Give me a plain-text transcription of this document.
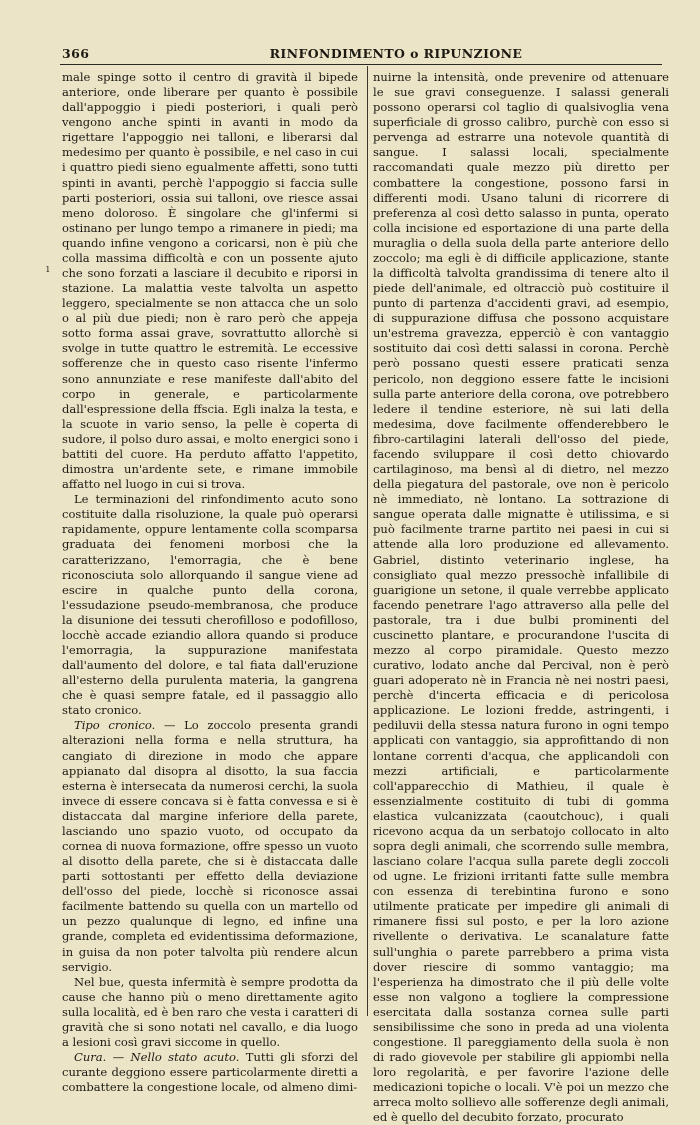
366	RINFONDIMENTO o RIPUNZIONE

male spinge sotto il centro di gravità il bipede anteriore, onde liberare per quanto è possibile dall'appoggio i piedi posteriori, i quali però vengono anche spinti in avanti in modo da rigettare l'appoggio nei talloni, e liberarsi dal medesimo per quanto è possibile, e nel caso in cui i quattro piedi sieno egualmente affetti, sono tutti spinti in avanti, perchè l'appoggio si faccia sulle parti posteriori, ossia sui talloni, ove riesce assai meno doloroso. È singolare che gl'infermi si ostinano per lungo tempo a rimanere in piedi; ma quando infine vengono a coricarsi, non è più che colla massima difficoltà e con un possente ajuto che sono forzati a lasciare il decubito e riporsi in stazione. La malattia veste talvolta un aspetto leggero, specialmente se non attacca che un solo o al più due piedi; non è raro però che appeja sotto forma assai grave, sovrattutto allorchè si svolge in tutte quattro le estremità. Le eccessive sofferenze che in questo caso risente l'infermo sono annunziate e rese manifeste dall'abito del corpo in generale, e particolarmente dall'espressione della ffscia. Egli inalza la testa, e la scuote in vario senso, la pelle è coperta di sudore, il polso duro assai, e molto energici sono i battiti del cuore. Ha perduto affatto l'appetito, dimostra un'ardente sete, e rimane immobile affatto nel luogo in cui si trova.

Le terminazioni del rinfondimento acuto sono costituite dalla risoluzione, la quale può operarsi rapidamente, oppure lentamente colla scomparsa graduata dei fenomeni morbosi che la caratterizzano, l'emorragia, che è bene riconosciuta solo allorquando il sangue viene ad escire in qualche punto della corona, l'essudazione pseudo-membranosa, che produce la disunione dei tessuti cherofilloso e podofilloso, locchè accade eziandio allora quando si produce l'emorragia, la suppurazione manifestata dall'aumento del dolore, e tal fiata dall'eruzione all'esterno della purulenta materia, la gangrena che è quasi sempre fatale, ed il passaggio allo stato cronico.

Tipo cronico. — Lo zoccolo presenta grandi alterazioni nella forma e nella struttura, ha cangiato di direzione in modo che appare appianato dal disopra al disotto, la sua faccia esterna è intersecata da numerosi cerchi, la suola invece di essere concava si è fatta convessa e si è distaccata dal margine inferiore della parete, lasciando uno spazio vuoto, od occupato da cornea di nuova formazione, offre spesso un vuoto al disotto della parete, che si è distaccata dalle parti sottostanti per effetto della deviazione dell'osso del piede, locchè si riconosce assai facilmente battendo su quella con un martello od un pezzo qualunque di legno, ed infine una grande, completa ed evidentissima deformazione, in guisa da non poter talvolta più rendere alcun servigio.

Nel bue, questa infermità è sempre prodotta da cause che hanno più o meno direttamente agito sulla località, ed è ben raro che vesta i caratteri di gravità che si sono notati nel cavallo, e dia luogo a lesioni così gravi siccome in quello.

Cura. — Nello stato acuto. Tutti gli sforzi del curante deggiono essere particolarmente diretti a combattere la congestione locale, od almeno dimi-

nuirne la intensità, onde prevenire od attenuare le sue gravi conseguenze. I salassi generali possono operarsi col taglio di qualsivoglia vena superficiale di grosso calibro, purchè con esso si pervenga ad estrarre una notevole quantità di sangue. I salassi locali, specialmente raccomandati quale mezzo più diretto per combattere la congestione, possono farsi in differenti modi. Usano taluni di ricorrere di preferenza al così detto salasso in punta, operato colla incisione ed esportazione di una parte della muraglia o della suola della parte anteriore dello zoccolo; ma egli è di difficile applicazione, stante la difficoltà talvolta grandissima di tenere alto il piede dell'animale, ed oltracciò può costituire il punto di partenza d'accidenti gravi, ad esempio, di suppurazione diffusa che possono acquistare un'estrema gravezza, epperciò è con vantaggio sostituito dai così detti salassi in corona. Perchè però possano questi essere praticati senza pericolo, non deggiono essere fatte le incisioni sulla parte anteriore della corona, ove potrebbero ledere il tendine esteriore, nè sui lati della medesima, dove facilmente offenderebbero le fibro-cartilagini laterali dell'osso del piede, facendo sviluppare il così detto chiovardo cartilaginoso, ma bensì al di dietro, nel mezzo della piegatura del pastorale, ove non è pericolo nè immediato, nè lontano. La sottrazione di sangue operata dalle mignatte è utilissima, e si può facilmente trarne partito nei paesi in cui si attende alla loro produzione ed allevamento. Gabriel, distinto veterinario inglese, ha consigliato qual mezzo pressochè infallibile di guarigione un setone, il quale verrebbe applicato facendo penetrare l'ago attraverso alla pelle del pastorale, tra i due bulbi prominenti del cuscinetto plantare, e procurandone l'uscita di mezzo al corpo piramidale. Questo mezzo curativo, lodato anche dal Percival, non è però guari adoperato nè in Francia nè nei nostri paesi, perchè d'incerta efficacia e di pericolosa applicazione. Le lozioni fredde, astringenti, i pediluvii della stessa natura furono in ogni tempo applicati con vantaggio, sia approfittando di non lontane correnti d'acqua, che applicandoli con mezzi artificiali, e particolarmente coll'apparecchio di Mathieu, il quale è essenzialmente costituito di tubi di gomma elastica vulcanizzata (caoutchouc), i quali ricevono acqua da un serbatojo collocato in alto sopra degli animali, che scorrendo sulle membra, lasciano colare l'acqua sulla parete degli zoccoli od ugne. Le frizioni irritanti fatte sulle membra con essenza di terebintina furono e sono utilmente praticate per impedire gli animali di rimanere fissi sul posto, e per la loro azione rivellente o derivativa. Le scanalature fatte sull'unghia o parete parrebbero a prima vista dover riescire di sommo vantaggio; ma l'esperienza ha dimostrato che il più delle volte esse non valgono a togliere la compressione esercitata dalla sostanza cornea sulle parti sensibilissime che sono in preda ad una violenta congestione. Il pareggiamento della suola è non di rado giovevole per stabilire gli appiombi nella loro regolarità, e per favorire l'azione delle medicazioni topiche o locali. V'è poi un mezzo che arreca molto sollievo alle sofferenze degli animali, ed è quello del decubito forzato, procurato

ı
